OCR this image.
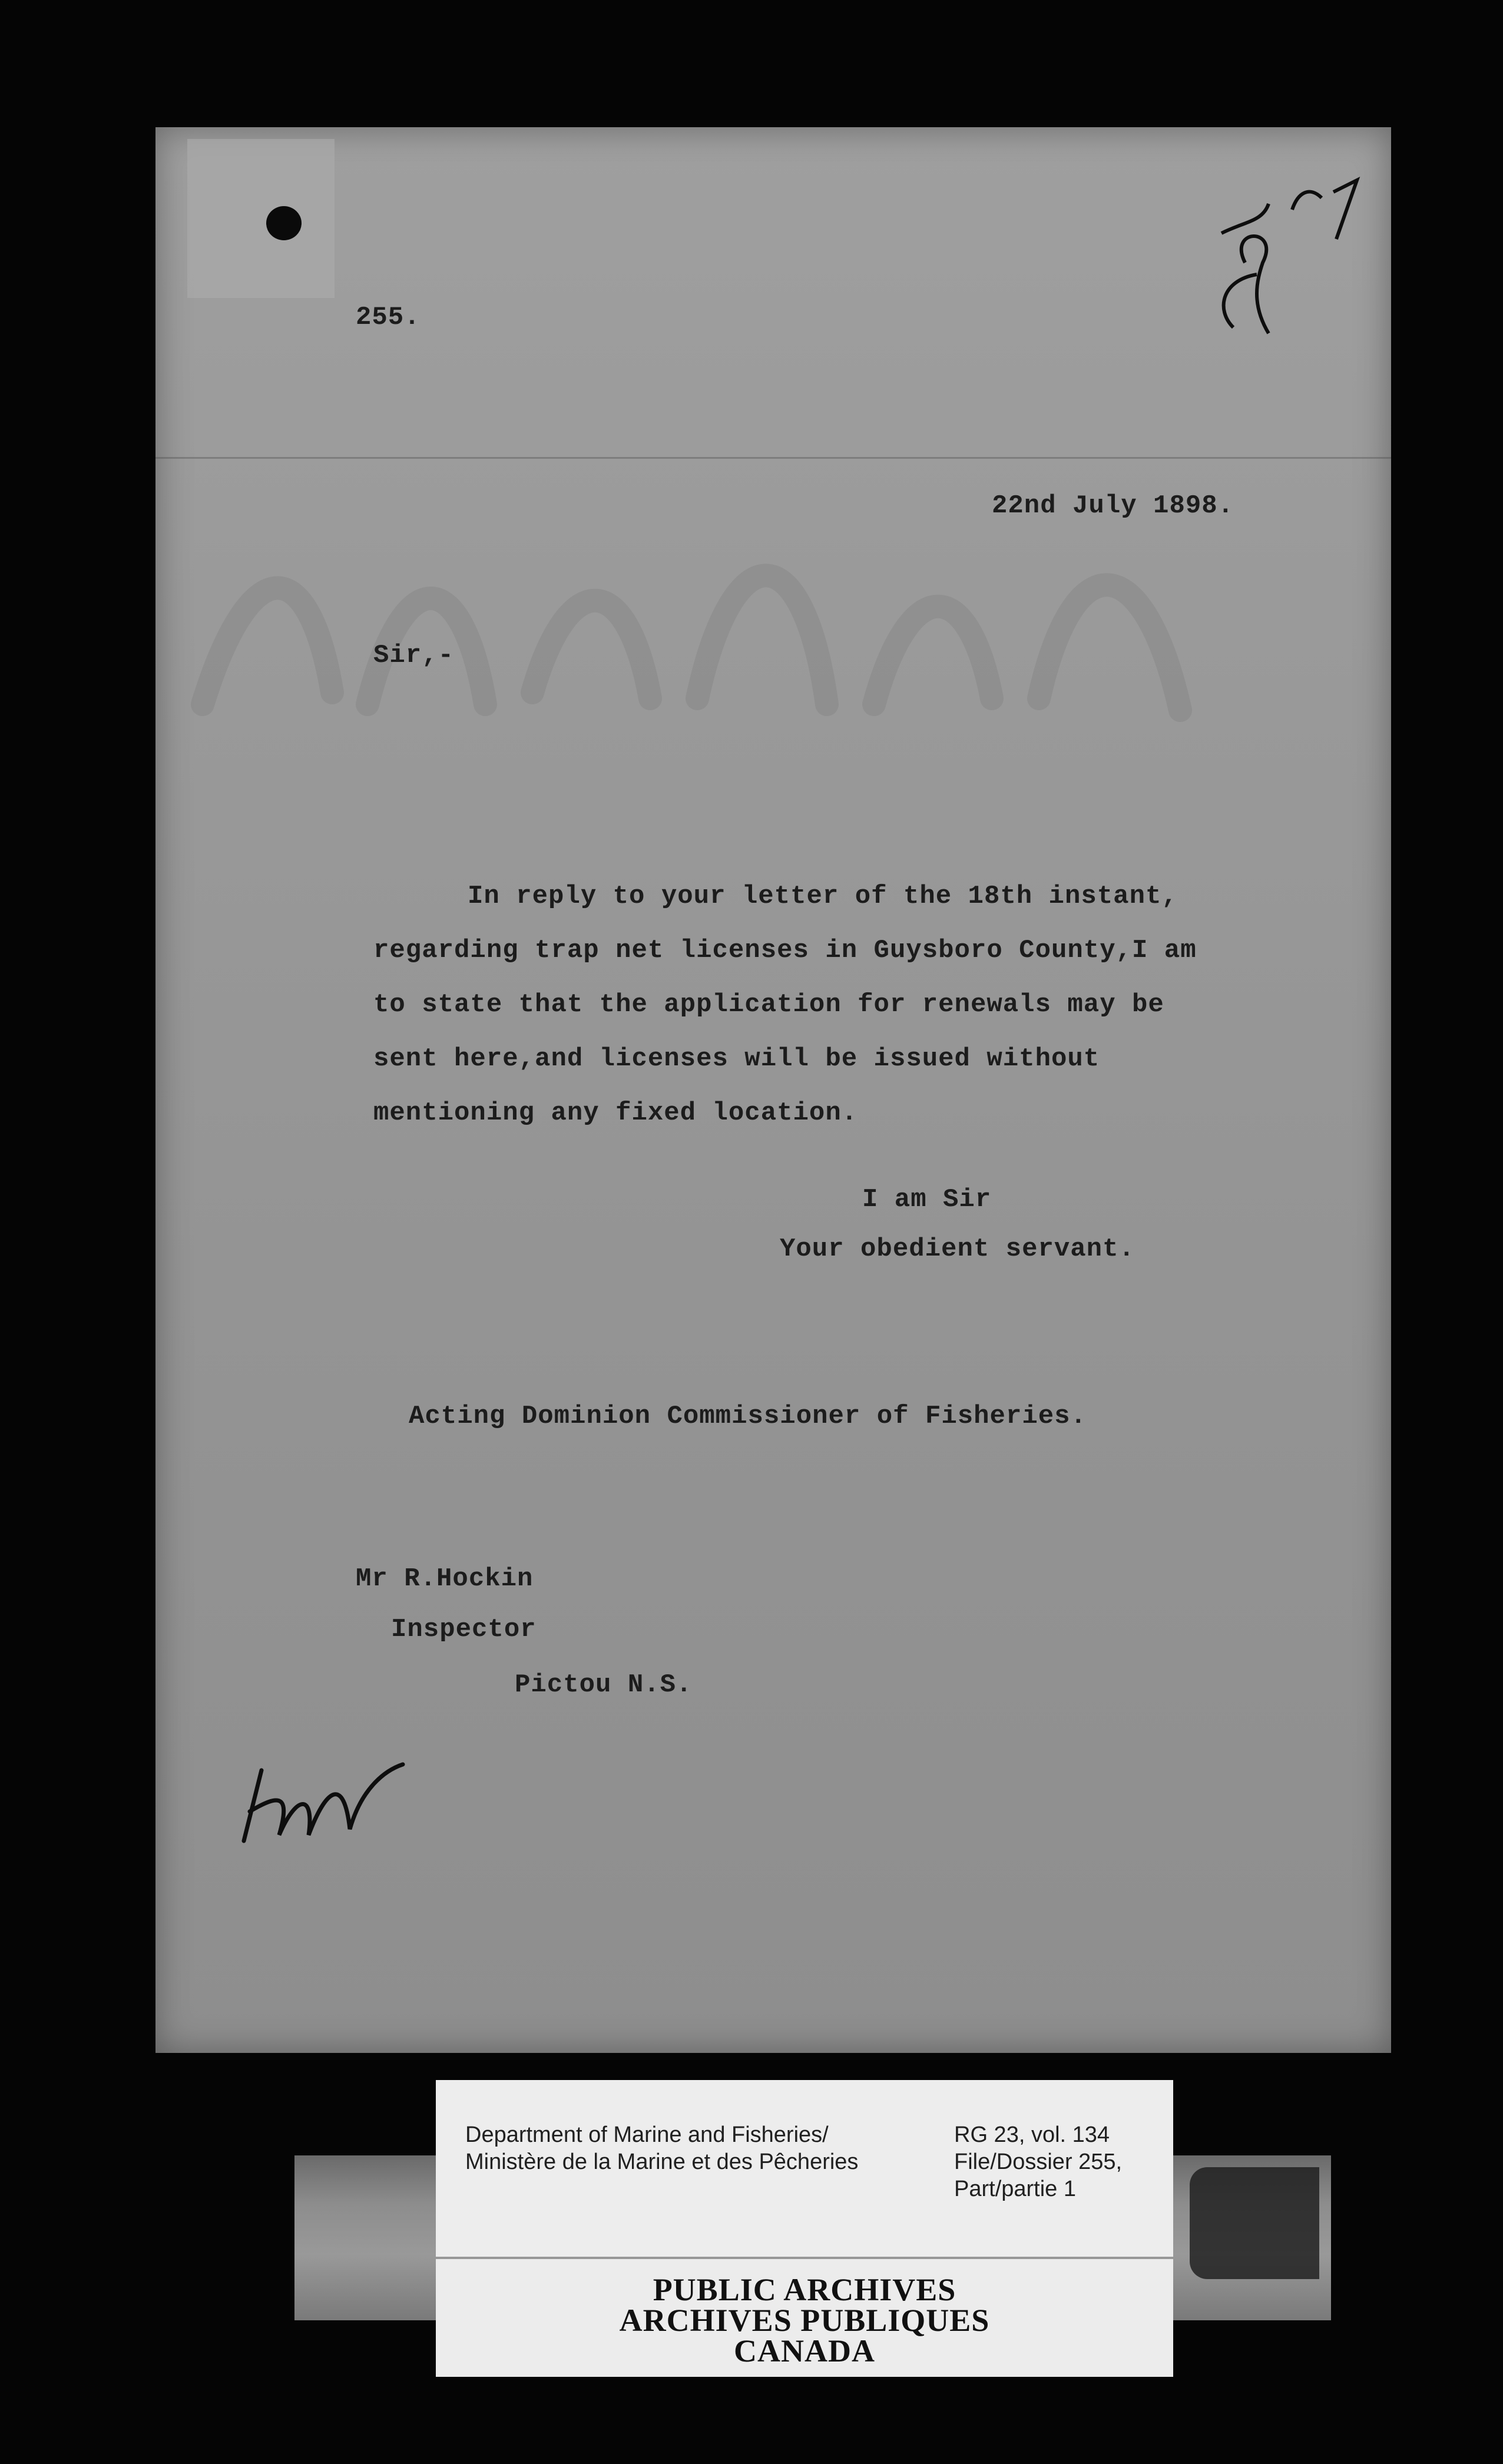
255.
22nd July 1898.
Sir,-
In reply to your letter of the 18th instant,
regarding trap net licenses in Guysboro County,I am
to state that the application for renewals may be
sent here,and licenses will be issued without
mentioning any fixed location.
I am Sir
Your obedient servant.
Acting Dominion Commissioner of Fisheries.
Mr R.Hockin
Inspector
Pictou N.S.
Department of Marine and Fisheries/
Ministère de la Marine et des Pêcheries
RG 23, vol. 134
File/Dossier 255,
Part/partie 1
PUBLIC ARCHIVES
ARCHIVES PUBLIQUES
CANADA
